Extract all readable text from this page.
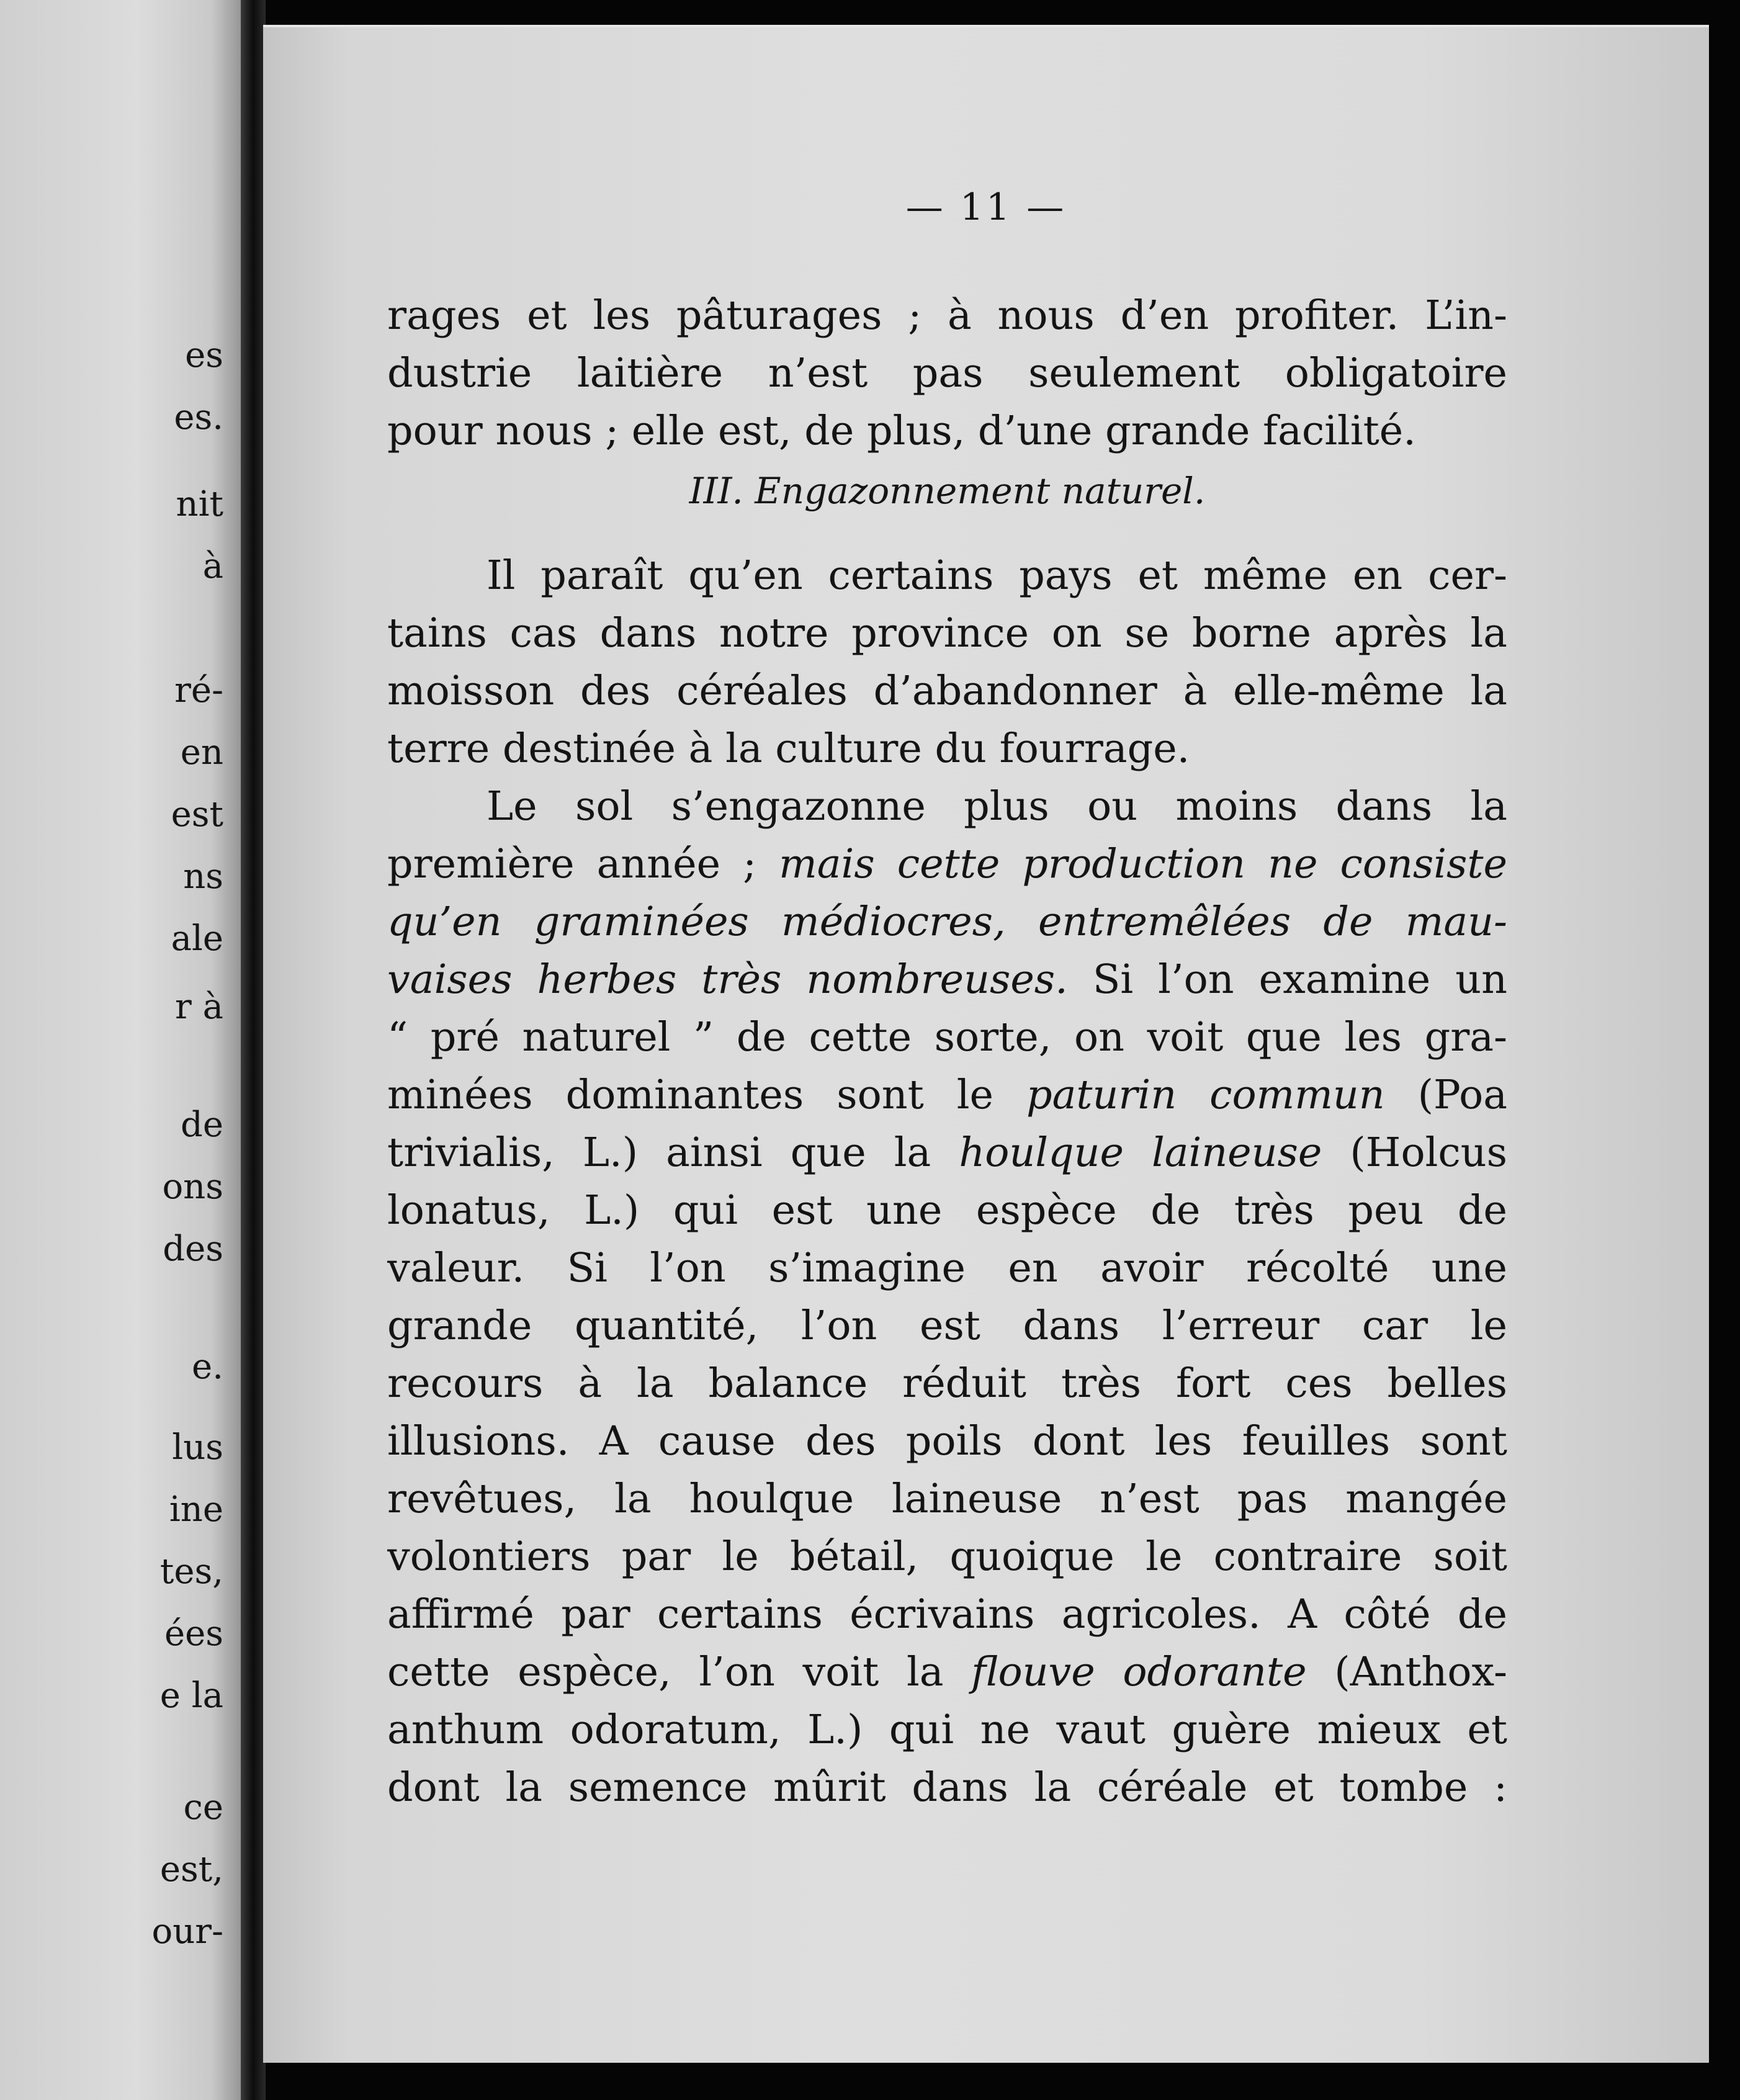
es
es.
nit
à
ré-
en
est
ns
ale
r à
de
ons
des
e.
lus
ine
tes,
ées
e la
ce
est,
our-
— 11 —
rages et les pâturages ; à nous d’en profiter. L’in-
dustrie laitière n’est pas seulement obligatoire
pour nous ; elle est, de plus, d’une grande facilité.
III. Engazonnement naturel.
Il paraît qu’en certains pays et même en cer-
tains cas dans notre province on se borne après la
moisson des céréales d’abandonner à elle-même la
terre destinée à la culture du fourrage.
Le sol s’engazonne plus ou moins dans la
première année ; mais cette production ne consiste
qu’en graminées médiocres, entremêlées de mau-
vaises herbes très nombreuses. Si l’on examine un
“ pré naturel ” de cette sorte, on voit que les gra-
minées dominantes sont le paturin commun (Poa
trivialis, L.) ainsi que la houlque laineuse (Holcus
lonatus, L.) qui est une espèce de très peu de
valeur. Si l’on s’imagine en avoir récolté une
grande quantité, l’on est dans l’erreur car le
recours à la balance réduit très fort ces belles
illusions. A cause des poils dont les feuilles sont
revêtues, la houlque laineuse n’est pas mangée
volontiers par le bétail, quoique le contraire soit
affirmé par certains écrivains agricoles. A côté de
cette espèce, l’on voit la flouve odorante (Anthox-
anthum odoratum, L.) qui ne vaut guère mieux et
dont la semence mûrit dans la céréale et tombe :
